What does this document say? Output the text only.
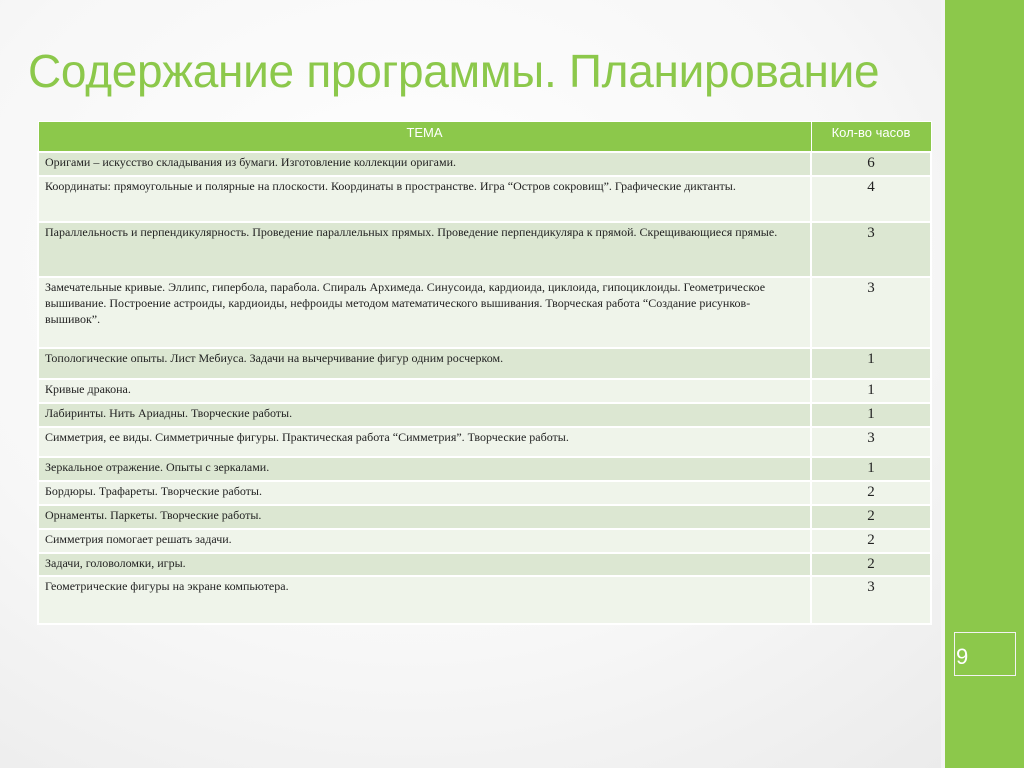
9
Содержание программы. Планирование
ТЕМА	Кол-во часов
Оригами – искусство складывания из бумаги. Изготовление коллекции оригами.	6
Координаты: прямоугольные и полярные на плоскости. Координаты в пространстве. Игра “Остров сокровищ”. Графические диктанты.	4
Параллельность и перпендикулярность. Проведение параллельных прямых. Проведение перпендикуляра к прямой. Скрещивающиеся прямые.	3
Замечательные кривые. Эллипс, гипербола, парабола. Спираль Архимеда. Синусоида, кардиоида, циклоида, гипоциклоиды. Геометрическое вышивание. Построение астроиды, кардиоиды, нефроиды методом математического вышивания. Творческая работа “Создание рисунков-вышивок”.	3
Топологические опыты. Лист Мебиуса. Задачи на вычерчивание фигур одним росчерком.	1
Кривые дракона.	1
Лабиринты. Нить Ариадны. Творческие работы.	1
Симметрия, ее виды. Симметричные фигуры. Практическая работа “Симметрия”. Творческие работы.	3
Зеркальное отражение. Опыты с зеркалами.	1
Бордюры. Трафареты. Творческие работы.	2
Орнаменты. Паркеты. Творческие работы.	2
Симметрия помогает решать задачи.	2
Задачи, головоломки, игры.	2
Геометрические фигуры на экране компьютера.	3
